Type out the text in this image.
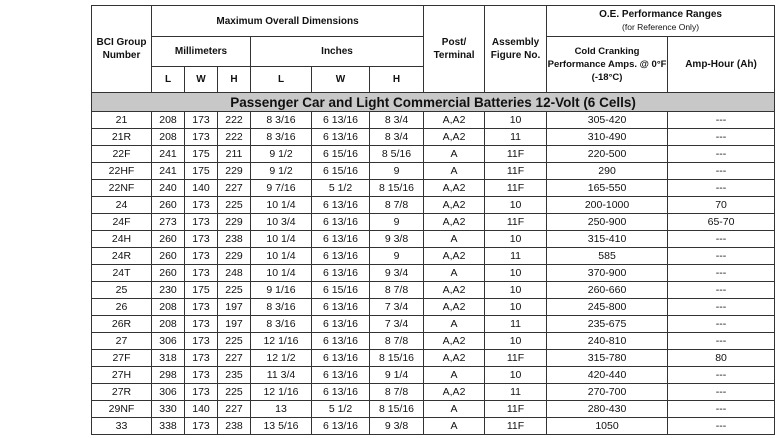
BCI Group Number	Maximum Overall Dimensions						Post/ Terminal	Assembly Figure No.	O.E. Performance Ranges
(for Reference Only)	

	Millimeters			Inches					Cold Cranking Performance Amps. @ 0°F (-18°C)	Amp-Hour (Ah)
	L	W	H	L	W	H				
Passenger Car and Light Commercial Batteries 12-Volt (6 Cells)										
21	208	173	222	8 3/16	6 13/16	8 3/4	A,A2	10	305-420	---
21R	208	173	222	8 3/16	6 13/16	8 3/4	A,A2	11	310-490	---
22F	241	175	211	9 1/2	6 15/16	8 5/16	A	11F	220-500	---
22HF	241	175	229	9 1/2	6 15/16	9	A	11F	290	---
22NF	240	140	227	9 7/16	5 1/2	8 15/16	A,A2	11F	165-550	---
24	260	173	225	10 1/4	6 13/16	8 7/8	A,A2	10	200-1000	70
24F	273	173	229	10 3/4	6 13/16	9	A,A2	11F	250-900	65-70
24H	260	173	238	10 1/4	6 13/16	9 3/8	A	10	315-410	---
24R	260	173	229	10 1/4	6 13/16	9	A,A2	11	585	---
24T	260	173	248	10 1/4	6 13/16	9 3/4	A	10	370-900	---
25	230	175	225	9 1/16	6 15/16	8 7/8	A,A2	10	260-660	---
26	208	173	197	8 3/16	6 13/16	7 3/4	A,A2	10	245-800	---
26R	208	173	197	8 3/16	6 13/16	7 3/4	A	11	235-675	---
27	306	173	225	12 1/16	6 13/16	8 7/8	A,A2	10	240-810	---
27F	318	173	227	12 1/2	6 13/16	8 15/16	A,A2	11F	315-780	80
27H	298	173	235	11 3/4	6 13/16	9 1/4	A	10	420-440	---
27R	306	173	225	12 1/16	6 13/16	8 7/8	A,A2	11	270-700	---
29NF	330	140	227	13	5 1/2	8 15/16	A	11F	280-430	---
33	338	173	238	13 5/16	6 13/16	9 3/8	A	11F	1050	---
